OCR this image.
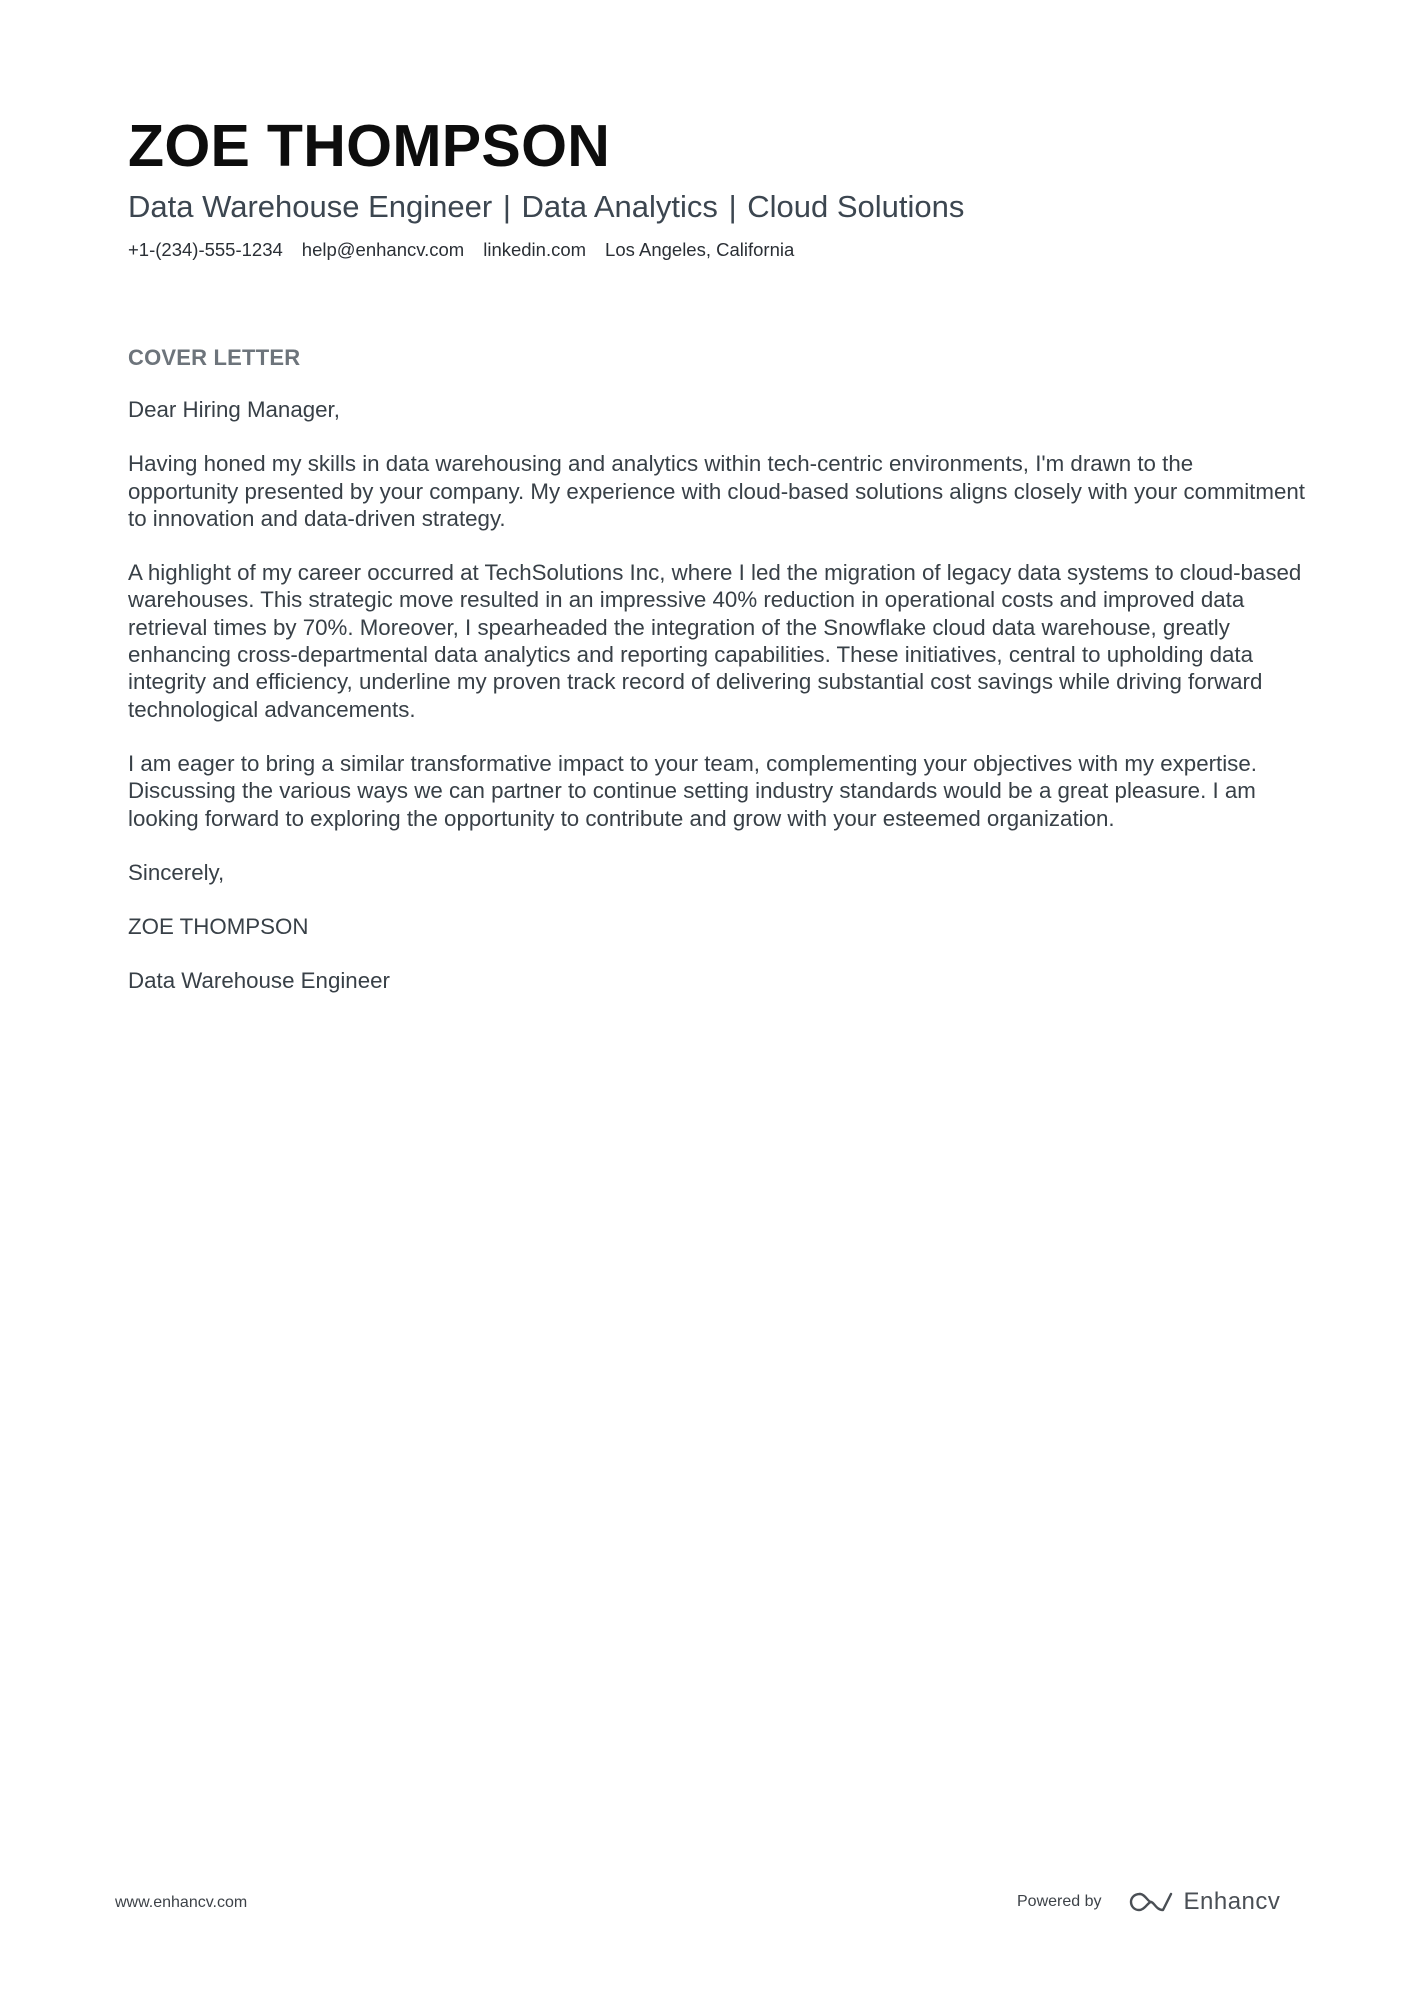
ZOE THOMPSON
Data Warehouse Engineer | Data Analytics | Cloud Solutions
+1-(234)-555-1234 help@enhancv.com linkedin.com Los Angeles, California
COVER LETTER

Dear Hiring Manager,

Having honed my skills in data warehousing and analytics within tech-centric environments, I'm drawn to the opportunity presented by your company. My experience with cloud-based solutions aligns closely with your commitment to innovation and data-driven strategy.

A highlight of my career occurred at TechSolutions Inc, where I led the migration of legacy data systems to cloud-based warehouses. This strategic move resulted in an impressive 40% reduction in operational costs and improved data retrieval times by 70%. Moreover, I spearheaded the integration of the Snowflake cloud data warehouse, greatly enhancing cross-departmental data analytics and reporting capabilities. These initiatives, central to upholding data integrity and efficiency, underline my proven track record of delivering substantial cost savings while driving forward technological advancements.

I am eager to bring a similar transformative impact to your team, complementing your objectives with my expertise. Discussing the various ways we can partner to continue setting industry standards would be a great pleasure. I am looking forward to exploring the opportunity to contribute and grow with your esteemed organization.

Sincerely,

ZOE THOMPSON

Data Warehouse Engineer

www.enhancv.com	Powered by	Enhancv
